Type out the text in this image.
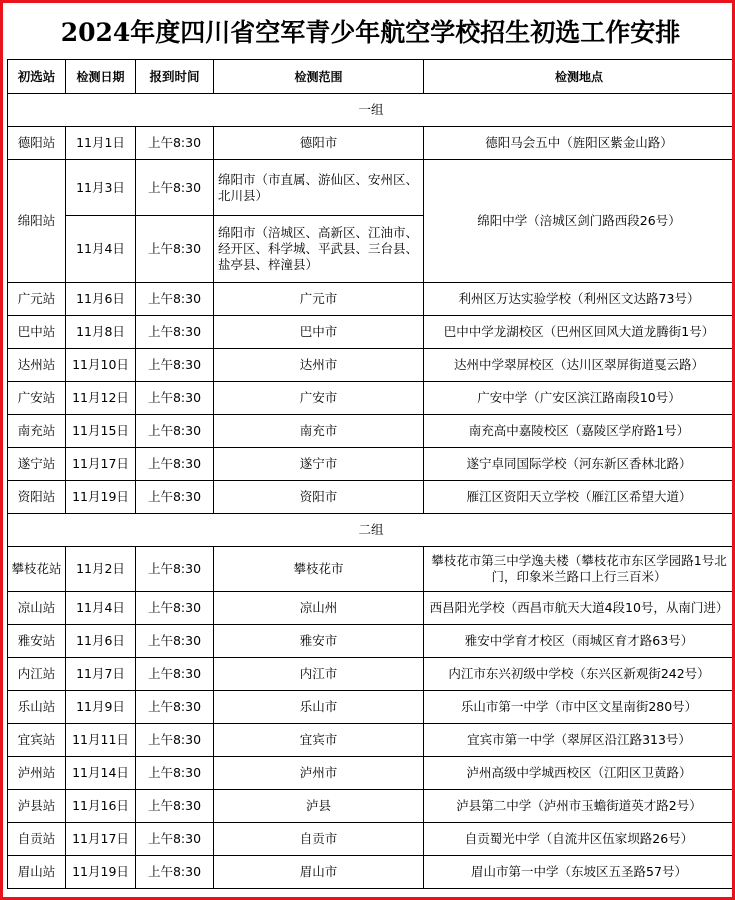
2024年度四川省空军青少年航空学校招生初选工作安排
初选站	检测日期	报到时间	检测范围	检测地点
一组				
德阳站	11月1日	上午8:30	德阳市	德阳马会五中（旌阳区紫金山路）
绵阳站	11月3日	上午8:30	绵阳市（市直属、游仙区、安州区、北川县）	绵阳中学（涪城区剑门路西段26号）
	11月4日	上午8:30	绵阳市（涪城区、高新区、江油市、经开区、科学城、平武县、三台县、盐亭县、梓潼县）	
广元站	11月6日	上午8:30	广元市	利州区万达实验学校（利州区文达路73号）
巴中站	11月8日	上午8:30	巴中市	巴中中学龙湖校区（巴州区回风大道龙腾街1号）
达州站	11月10日	上午8:30	达州市	达州中学翠屏校区（达川区翠屏街道戛云路）
广安站	11月12日	上午8:30	广安市	广安中学（广安区滨江路南段10号）
南充站	11月15日	上午8:30	南充市	南充高中嘉陵校区（嘉陵区学府路1号）
遂宁站	11月17日	上午8:30	遂宁市	遂宁卓同国际学校（河东新区香林北路）
资阳站	11月19日	上午8:30	资阳市	雁江区资阳天立学校（雁江区希望大道）
二组				
攀枝花站	11月2日	上午8:30	攀枝花市	攀枝花市第三中学逸夫楼（攀枝花市东区学园路1号北门，印象米兰路口上行三百米）
凉山站	11月4日	上午8:30	凉山州	西昌阳光学校（西昌市航天大道4段10号，从南门进）
雅安站	11月6日	上午8:30	雅安市	雅安中学育才校区（雨城区育才路63号）
内江站	11月7日	上午8:30	内江市	内江市东兴初级中学校（东兴区新观街242号）
乐山站	11月9日	上午8:30	乐山市	乐山市第一中学（市中区文星南街280号）
宜宾站	11月11日	上午8:30	宜宾市	宜宾市第一中学（翠屏区沿江路313号）
泸州站	11月14日	上午8:30	泸州市	泸州高级中学城西校区（江阳区卫黄路）
泸县站	11月16日	上午8:30	泸县	泸县第二中学（泸州市玉蟾街道英才路2号）
自贡站	11月17日	上午8:30	自贡市	自贡蜀光中学（自流井区伍家坝路26号）
眉山站	11月19日	上午8:30	眉山市	眉山市第一中学（东坡区五圣路57号）
